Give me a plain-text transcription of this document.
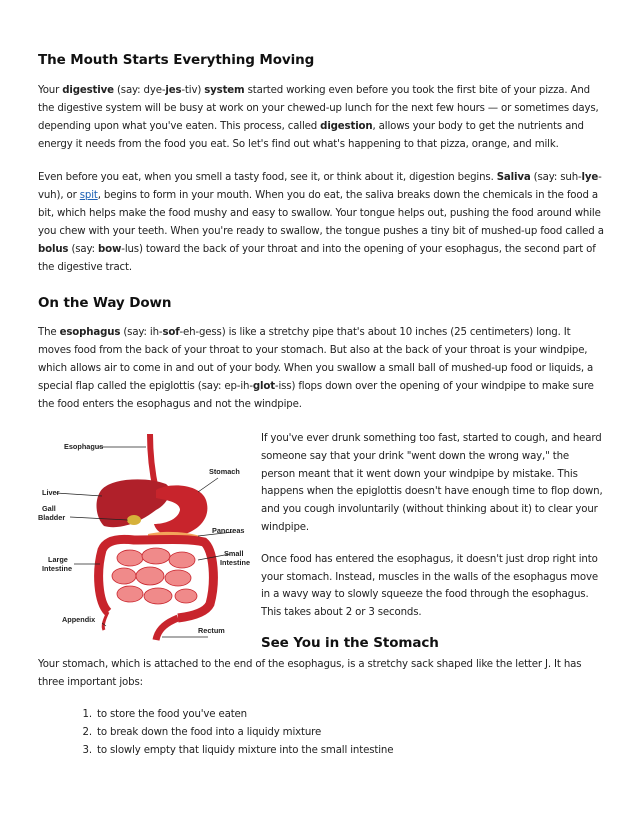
The Mouth Starts Everything Moving

Your digestive (say: dye-jes-tiv) system started working even before you took the first bite of your pizza. And the digestive system will be busy at work on your chewed-up lunch for the next few hours — or sometimes days, depending upon what you've eaten. This process, called digestion, allows your body to get the nutrients and energy it needs from the food you eat. So let's find out what's happening to that pizza, orange, and milk.

Even before you eat, when you smell a tasty food, see it, or think about it, digestion begins. Saliva (say: suh-lye-vuh), or spit, begins to form in your mouth. When you do eat, the saliva breaks down the chemicals in the food a bit, which helps make the food mushy and easy to swallow. Your tongue helps out, pushing the food around while you chew with your teeth. When you're ready to swallow, the tongue pushes a tiny bit of mushed-up food called a bolus (say: bow-lus) toward the back of your throat and into the opening of your esophagus, the second part of the digestive tract.

On the Way Down

The esophagus (say: ih-sof-eh-gess) is like a stretchy pipe that's about 10 inches (25 centimeters) long. It moves food from the back of your throat to your stomach. But also at the back of your throat is your windpipe, which allows air to come in and out of your body. When you swallow a small ball of mushed-up food or liquids, a special flap called the epiglottis (say: ep-ih-glot-iss) flops down over the opening of your windpipe to make sure the food enters the esophagus and not the windpipe.

Esophagus
Liver
Gall
Bladder
Stomach
Pancreas
Small
Intestine
Large
Intestine
Appendix
Rectum

If you've ever drunk something too fast, started to cough, and heard someone say that your drink "went down the wrong way," the person meant that it went down your windpipe by mistake. This happens when the epiglottis doesn't have enough time to flop down, and you cough involuntarily (without thinking about it) to clear your windpipe.

Once food has entered the esophagus, it doesn't just drop right into your stomach. Instead, muscles in the walls of the esophagus move in a wavy way to slowly squeeze the food through the esophagus. This takes about 2 or 3 seconds.

See You in the Stomach

Your stomach, which is attached to the end of the esophagus, is a stretchy sack shaped like the letter J. It has three important jobs:

1. to store the food you've eaten
2. to break down the food into a liquidy mixture
3. to slowly empty that liquidy mixture into the small intestine
